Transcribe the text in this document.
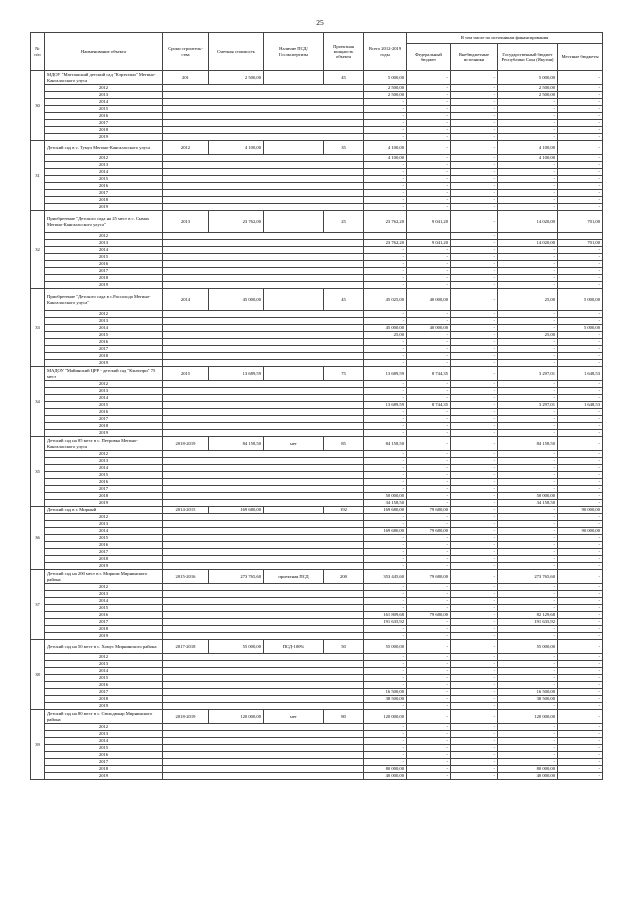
25
№ п/п	Наименование объекта	Сроки строитель-ства	Сметная стоимость	Наличие ПСД/ Госэкспертизы	Проектная мощность объекта	Всего 2012-2019 годы	В том числе по источникам финансирования			
							Федеральный бюджет	Внебюджетные источники	Государственный бюджет Республики Саха (Якутия)	Местные бюджеты
30	МДОУ "Матташский детский сад "Кэрэчээнэ" Мегино-Кангаласского улуса	201	2 500,00		45	5 000,00	-	-	5 000,00	-
	2012					2 500,00	-	-	2 500,00	-
	2013					2 500,00	-	-	2 500,00	-
	2014					-	-	-	-	-
	2015					-	-	-	-	-
	2016					-	-	-	-	-
	2017					-	-	-	-	-
	2018					-	-	-	-	-
	2019					-	-	-	-	-
31	Детский сад в с. Тумул Мегино-Кангаласского улуса	2012	4 100,00		35	4 100,00	-	-	4 100,00	-
	2012					4 100,00	-	-	4 100,00	-
	2013					-	-	-	-	-
	2014					-	-	-	-	-
	2015					-	-	-	-	-
	2016					-	-	-	-	-
	2017					-	-	-	-	-
	2018					-	-	-	-	-
	2019					-	-	-	-	-
32	Приобретение "Детского сада на 25 мест в с. Сымах Мегино-Кангаласского улуса"	2013	23 762,00		25	23 762,20	9 041,20	-	14 020,00	701,00
	2012							-		
	2013					23 762,20	9 041,20	-	14 020,00	701,00
	2014					-	-	-	-	-
	2015					-	-	-	-	-
	2016					-	-	-	-	-
	2017					-	-	-	-	-
	2018					-	-	-	-	-
	2019					-	-	-	-	-
33	Приобретение "Детского сада в с.Рассолода Мегино-Кангаласского улуса"	2014	45 000,00		45	45 025,00	40 000,00	-	25,00	5 000,00
	2012					-	-	-	-	-
	2013					-	-	-	-	-
	2014					45 000,00	40 000,00	-	-	5 000,00
	2015					25,00	-	-	25,00	-
	2016					-	-	-	-	-
	2017					-	-	-	-	-
	2018					-	-	-	-	-
	2019					-	-	-	-	-
34	МАДОУ "Майинский ЦРР - детский сад "Кэнчээри" 75 мест	2015	13 689,59		75	13 689,59	8 744,35	-	3 297,01	1 648,53
	2012					-	-	-	-	-
	2013					-	-	-	-	-
	2014					-	-	-	-	-
	2015					13 689,59	8 744,35	-	3 297,01	1 648,53
	2016					-	-	-	-	-
	2017					-	-	-	-	-
	2018					-	-	-	-	-
	2019					-	-	-	-	-
35	Детский сад на 85 мест в с. Петровка Мегино-Кангаласского улуса	2018-2019	84 158,50	нет	85	84 158,50	-	-	84 158,50	-
	2012					-	-	-	-	-
	2013					-	-	-	-	-
	2014					-	-	-	-	-
	2015					-	-	-	-	-
	2016					-	-	-	-	-
	2017					-	-	-	-	-
	2018					50 000,00	-	-	50 000,00	-
	2019					34 158,50	-	-	34 158,50	-
36	Детский сад в г. Мирный	2014-2015	169 680,00		192	169 680,00	79 680,00	-	-	90 000,00
	2012					-	-	-	-	-
	2013					-	-	-	-	-
	2014					169 680,00	79 680,00	-	-	90 000,00
	2015					-	-	-	-	-
	2016					-	-	-	-	-
	2017					-	-	-	-	-
	2018					-	-	-	-	-
	2019					-	-	-	-	-
37	Детский сад на 200 мест в г. Мирном Мирнинского района	2015-2016	273 765,60	проектная ПСД	200	353 445,60	79 680,00	-	273 765,60	-
	2012					-	-	-	-	-
	2013					-	-	-	-	-
	2014					-	-	-	-	-
	2015					-	-	-	-	-
	2016					161 809,68	79 680,00	-	82 129,68	-
	2017					191 635,92	-	-	191 635,92	-
	2018					-	-	-	-	-
	2019					-	-	-	-	-
38	Детский сад на 50 мест в с. Хомус Мирнинского района	2017-2018	55 000,00	ПСД-100%	50	55 000,00	-	-	55 000,00	-
	2012					-	-	-	-	-
	2013					-	-	-	-	-
	2014					-	-	-	-	-
	2015					-	-	-	-	-
	2016					-	-	-	-	-
	2017					16 500,00	-	-	16 500,00	-
	2018					38 500,00	-	-	38 500,00	-
	2019					-	-	-	-	-
39	Детский сад на 80 мест в с. Сюльдюкар Мирнинского района	2018-2019	120 000,00	нет	80	120 000,00	-	-	120 000,00	-
	2012					-	-	-	-	-
	2013					-	-	-	-	-
	2014					-	-	-	-	-
	2015					-	-	-	-	-
	2016					-	-	-	-	-
	2017					-	-	-	-	-
	2018					80 000,00	-	-	80 000,00	-
	2019					40 000,00	-	-	40 000,00	-
